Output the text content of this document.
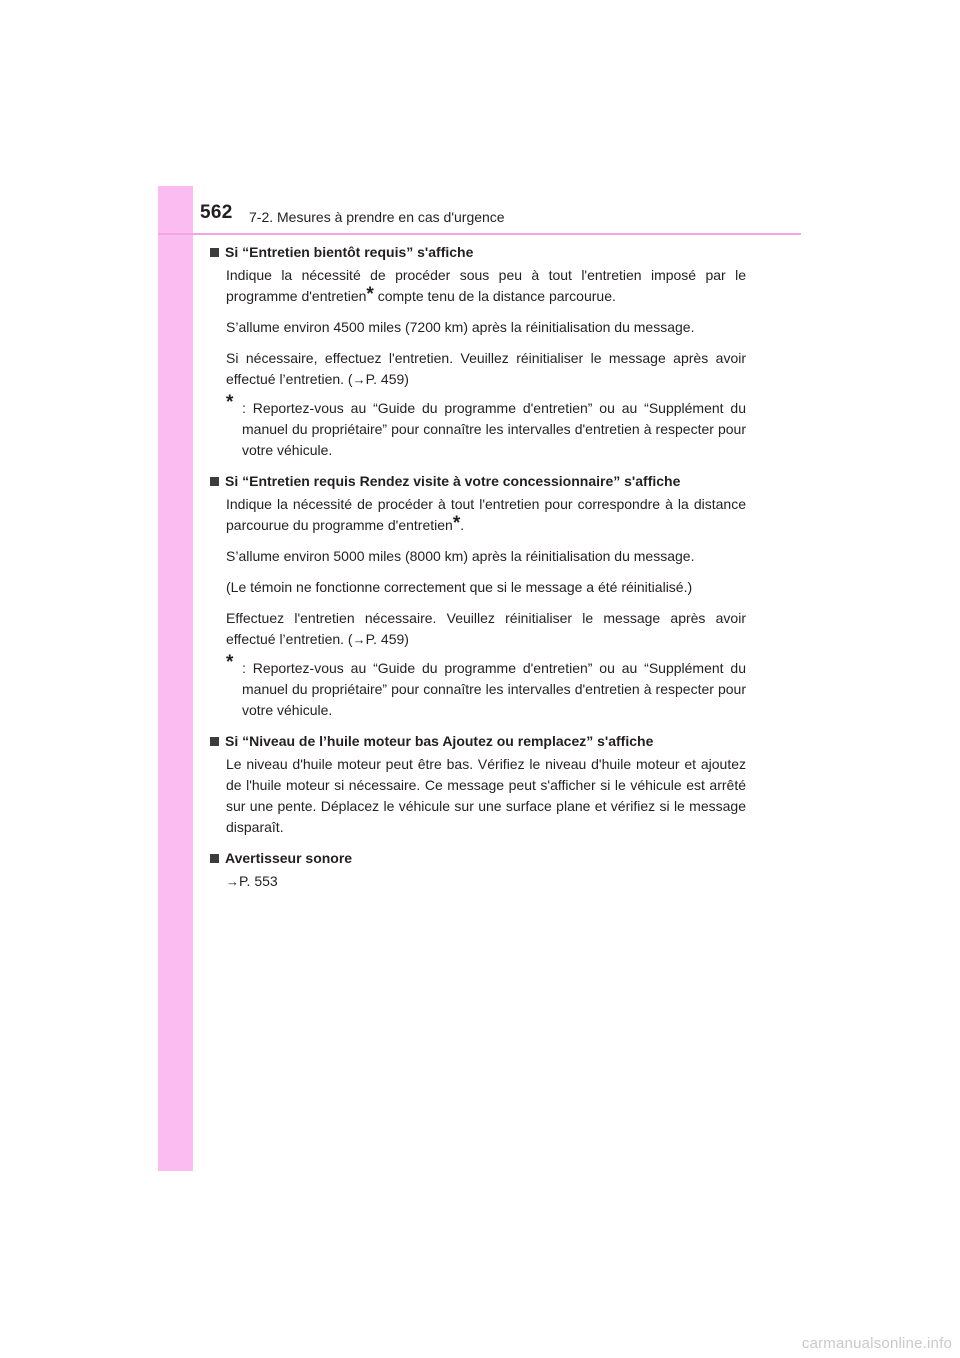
562 7-2. Mesures à prendre en cas d'urgence
Si “Entretien bientôt requis” s'affiche

Indique la nécessité de procéder sous peu à tout l'entretien imposé par le programme d'entretien* compte tenu de la distance parcourue.

S’allume environ 4500 miles (7200 km) après la réinitialisation du message.

Si nécessaire, effectuez l'entretien. Veuillez réinitialiser le message après avoir effectué l’entretien. (→P. 459)

* : Reportez-vous au “Guide du programme d'entretien” ou au “Supplément du manuel du propriétaire” pour connaître les intervalles d'entretien à respecter pour votre véhicule.

Si “Entretien requis Rendez visite à votre concessionnaire” s'affiche

Indique la nécessité de procéder à tout l'entretien pour correspondre à la distance parcourue du programme d'entretien*.

S’allume environ 5000 miles (8000 km) après la réinitialisation du message.

(Le témoin ne fonctionne correctement que si le message a été réinitialisé.)

Effectuez l'entretien nécessaire. Veuillez réinitialiser le message après avoir effectué l’entretien. (→P. 459)

* : Reportez-vous au “Guide du programme d'entretien” ou au “Supplément du manuel du propriétaire” pour connaître les intervalles d'entretien à respecter pour votre véhicule.

Si “Niveau de l’huile moteur bas Ajoutez ou remplacez” s'affiche

Le niveau d'huile moteur peut être bas. Vérifiez le niveau d'huile moteur et ajoutez de l'huile moteur si nécessaire. Ce message peut s'afficher si le véhicule est arrêté sur une pente. Déplacez le véhicule sur une surface plane et vérifiez si le message disparaît.

Avertisseur sonore

→P. 553

carmanualsonline.info
